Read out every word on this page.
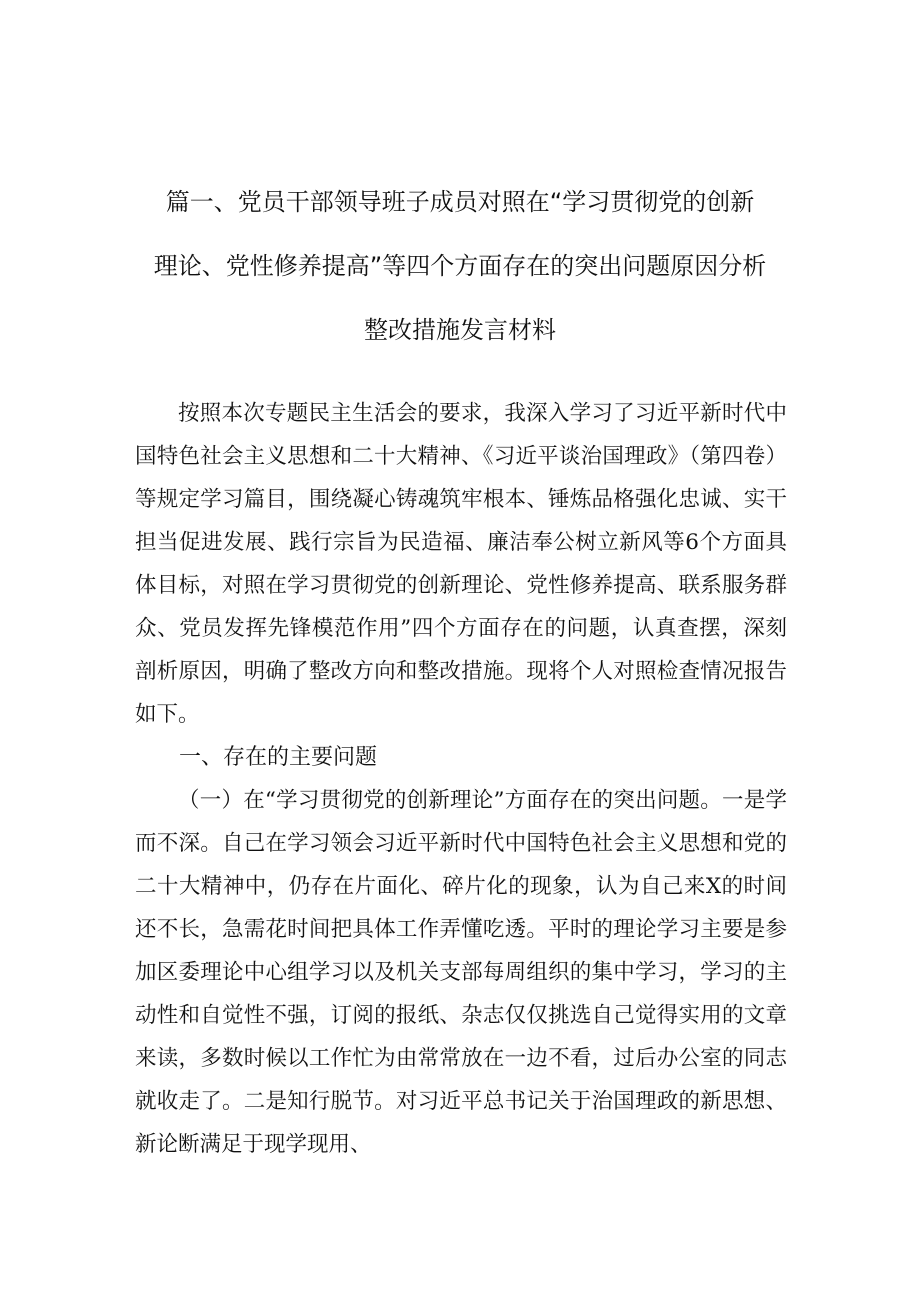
篇一、党员干部领导班子成员对照在“学习贯彻党的创新
理论、党性修养提高”等四个方面存在的突出问题原因分析
整改措施发言材料

按照本次专题民主生活会的要求，我深入学习了习近平新时代中国特色社会主义思想和二十大精神、《习近平谈治国理政》（第四卷）等规定学习篇目，围绕凝心铸魂筑牢根本、锤炼品格强化忠诚、实干担当促进发展、践行宗旨为民造福、廉洁奉公树立新风等6个方面具体目标，对照在学习贯彻党的创新理论、党性修养提高、联系服务群众、党员发挥先锋模范作用”四个方面存在的问题，认真查摆，深刻剖析原因，明确了整改方向和整改措施。现将个人对照检查情况报告如下。

一、存在的主要问题

（一）在“学习贯彻党的创新理论”方面存在的突出问题。一是学而不深。自己在学习领会习近平新时代中国特色社会主义思想和党的二十大精神中，仍存在片面化、碎片化的现象，认为自己来X的时间还不长，急需花时间把具体工作弄懂吃透。平时的理论学习主要是参加区委理论中心组学习以及机关支部每周组织的集中学习，学习的主动性和自觉性不强，订阅的报纸、杂志仅仅挑选自己觉得实用的文章来读，多数时候以工作忙为由常常放在一边不看，过后办公室的同志就收走了。二是知行脱节。对习近平总书记关于治国理政的新思想、新论断满足于现学现用、
